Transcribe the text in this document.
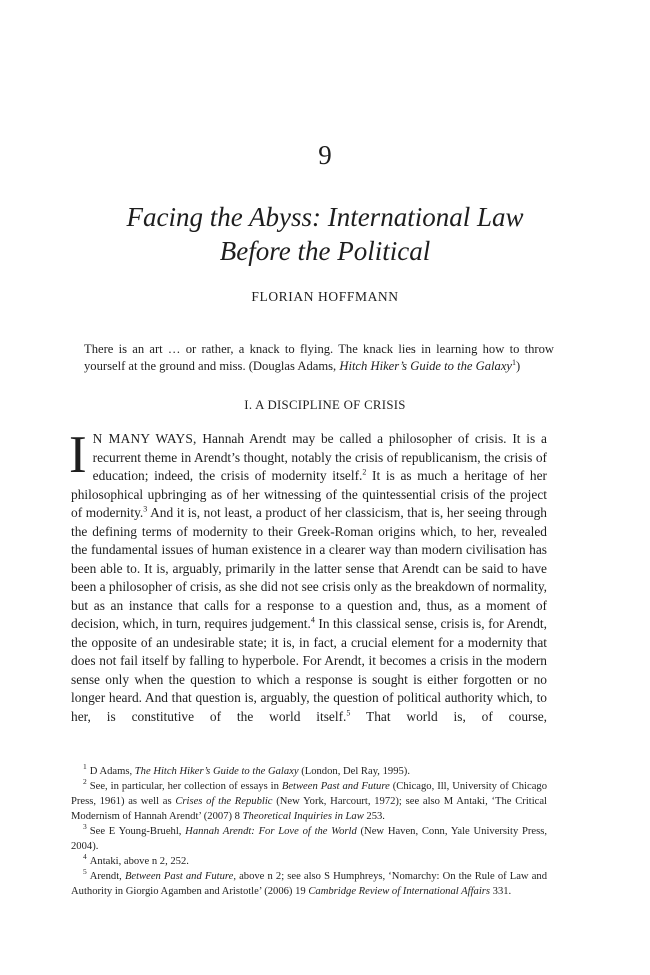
9
Facing the Abyss: International Law
Before the Political
FLORIAN HOFFMANN
There is an art … or rather, a knack to flying. The knack lies in learning how to throw yourself at the ground and miss. (Douglas Adams, Hitch Hiker’s Guide to the Galaxy$^1$)
I. A DISCIPLINE OF CRISIS
I N MANY WAYS, Hannah Arendt may be called a philosopher of crisis. It is a recurrent theme in Arendt’s thought, notably the crisis of republicanism, the crisis of education; indeed, the crisis of modernity itself.$^2$ It is as much a heritage of her philosophical upbringing as of her witnessing of the quintessential crisis of the project of modernity.$^3$ And it is, not least, a product of her classicism, that is, her seeing through the defining terms of modernity to their Greek-Roman origins which, to her, revealed the fundamental issues of human existence in a clearer way than modern civilisation has been able to. It is, arguably, primarily in the latter sense that Arendt can be said to have been a philosopher of crisis, as she did not see crisis only as the breakdown of normality, but as an instance that calls for a response to a question and, thus, as a moment of decision, which, in turn, requires judgement.$^4$ In this classical sense, crisis is, for Arendt, the opposite of an undesirable state; it is, in fact, a crucial element for a modernity that does not fail itself by falling to hyperbole. For Arendt, it becomes a crisis in the modern sense only when the question to which a response is sought is either forgotten or no longer heard. And that question is, arguably, the question of political authority which, to her, is constitutive of the world itself.$^5$ That world is, of course,

$^1$ D Adams, The Hitch Hiker’s Guide to the Galaxy (London, Del Ray, 1995).

$^2$ See, in particular, her collection of essays in Between Past and Future (Chicago, Ill, University of Chicago Press, 1961) as well as Crises of the Republic (New York, Harcourt, 1972); see also M Antaki, ‘The Critical Modernism of Hannah Arendt’ (2007) 8 Theoretical Inquiries in Law 253.

$^3$ See E Young-Bruehl, Hannah Arendt: For Love of the World (New Haven, Conn, Yale University Press, 2004).

$^4$ Antaki, above n 2, 252.

$^5$ Arendt, Between Past and Future, above n 2; see also S Humphreys, ‘Nomarchy: On the Rule of Law and Authority in Giorgio Agamben and Aristotle’ (2006) 19 Cambridge Review of International Affairs 331.
